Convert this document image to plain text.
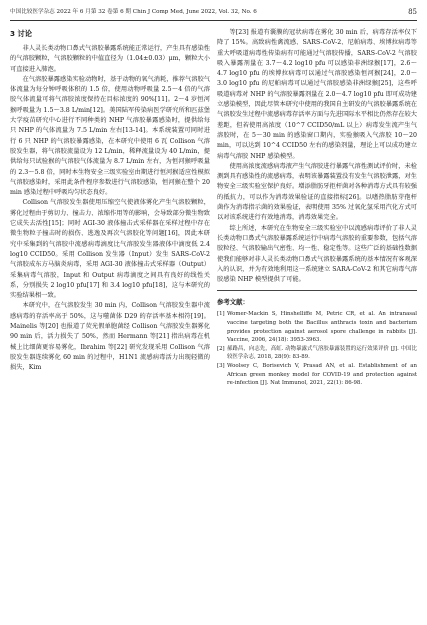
中国比较医学杂志 2022 年 6 月第 32 卷第 6 期 Chin J Comp Med, June 2022, Vol. 32, No. 6	85
3 讨论

非人灵长类动物口鼻式气溶胶暴露系统能正常运行，产生具有感染性的气溶胶颗粒，气溶胶颗粒的中值直径为（1.04±0.03）μm，颗粒大小可直接进入肺泡。

在气溶胶暴露感染实验动物时，基于动物的氧气消耗，推荐气溶胶气体流量为每分钟呼吸体积的 1.5 倍，使用动物呼吸量 2.5～4 倍的气溶胶气体流量可将气溶胶浓度保持在目标浓度的 90%[11]。2～4 岁恒河猴呼吸量为 1.5～3.8 L/min[12]。美国陆军传染病医学研究所和匹兹堡大学疫苗研究中心进行不同种类的 NHP 气溶胶暴露感染时，提供给每只 NHP 的气体流量为 7.5 L/min 左右[13-14]。本系统装置可同时进行 6 只 NHP 的气溶胶暴露感染，在本研究中使用 6 瓦 Collison 气溶胶发生器，将气溶胶流量设为 12 L/min，稀释流量设为 40 L/min，提供给每只试验猴的气溶胶气体流量为 8.7 L/min 左右，为恒河猴呼吸量的 2.3～5.8 倍，同时本生物安全三级实验室由期进行恒河猴适应性模拟气溶胶感染时，采用此条件程序参数进行气溶胶感染，恒河猴在整个 20 min 感染过程中呼吸均匀状态良好。

Collison 气溶胶发生器使用压缩空气使液体雾化产生气溶胶颗粒，雾化过程由于剪切力、撞击力、浓缩作用等的影响，会导致部分微生物致它成失去活性[15]；同时 AGI-30 液体撞击式采样器在采样过程中存在微生物粒子撞击时的损伤、逃逸及再次气溶胶化等问题[16]，因此本研究中采集到的气溶胶中流感病毒滴度比气溶胶发生器液体中滴度低 2.4 log10 CCID50。采用 Collison 发生器（Input）发生 SARS-CoV-2 气溶胶成东方马脑炎病毒，采用 AGI-30 液体撞击式采样器（Output）采集病毒气溶胶，Input 和 Output 病毒滴度之间具有良好的线性关系，分别损失 2 log10 pfu[17] 和 3.4 log10 pfu[18]，这与本研究的实验结果相一致。

本研究中，在气溶胶发生 30 min 内，Collison 气溶胶发生器中流感病毒的存活率高于 50%，这与噬菌体 D29 的存活率基本相符[19]。Mainelis 等[20] 也报道了荧光假单胞菌经 Collison 气溶胶发生器雾化 90 min 后，活力损失了 50%，然而 Hermann 等[21] 指出病毒在机械上比细菌更容易雾化，Ibrahim 等[22] 研究发现采用 Collison 气溶胶发生器连续雾化 60 min 的过程中，H1N1 流感病毒活力出现轻微的损失，Kim

等[23] 报道有囊膜的冠状病毒在雾化 30 min 后，病毒存活率仅下降了 15%。高致病性禽流感、SARS-CoV-2、尼帕病毒、埃博拉病毒等重大呼吸道病毒性传染病有可能通过气溶胶传播，SARS-CoV-2 气溶胶吸入暴露剂量在 3.7～4.2 log10 pfu 可以感染非洲绿猴[17]，2.6～4.7 log10 pfu 的埃博拉病毒可以通过气溶胶感染恒河猴[24]，2.0～3.0 log10 pfu 的尼帕病毒可以通过气溶胶感染非洲绿猴[25]，这些呼吸道病毒对 NHP 的气溶胶暴露剂量在 2.0～4.7 log10 pfu 即可成功建立感染模型，因此尽管本研究中使用的我国自主研发的气溶胶暴露系统在气溶胶发生过程中流感病毒存活率方面与先进国际水平相比仍然存在较大差距，但若使用高浓度（10^7 CCID50/mL 以上）病毒发生流产生气溶胶时，在 5～30 min 的感染窗口期内，实验猴吸入气溶胶 10～20 min，可以达到 10^4 CCID50 左右的感染剂量，理论上可以成功建立病毒气溶胶 NHP 感染模型。

使用高浓度流感病毒液产生气溶胶进行暴露气溶性测试评价时，未检测到具有感染性的流感病毒，表明该暴露装置没有发生气溶胶泄露，对生物安全三级实验室保护良好。增添脂肪牙拒杆菌对各种消毒方式具有较强的抵抗力，可以作为消毒效果验证的直接指标[26]。以嗜热脂肪芽孢杆菌作为消毒指示菌的效果验证，表明使用 35% 过氧化氢采用汽化方式可以对该系统进行有效地消毒，消毒效果完全。

综上所述，本研究在生物安全三级实验室中以流感病毒评价了非人灵长类动物口鼻式气溶胶暴露系统运行中病毒气溶胶的重要参数，包括气溶胶粒径、气溶胶输出气密性、均一性、稳定性等。这些广泛的基础性数据使我们能够对非人灵长类动物口鼻式气溶胶暴露系统的基本情况有客观深入的认识，并为有效地利用这一系统建立 SARA-CoV-2 和其它病毒气溶胶感染 NHP 模型提供了可能。

参考文献：
[1] Womer-Mackin S, Hinshelliffe M, Petric CR, et al. An intranasal vaccine targeting both the Bacillus anthracis toxin and bacterium provides protection against aerosol spore challenge in rabbits [J]. Vaccine, 2006, 24(18): 3953-3963.
[2] 郝路昌，向志先，高虹. 动物暴露式气溶胶暴露装置的运行效果评价 [J]. 中国比较医学杂志, 2018, 28(9): 83-89.
[3] Woolsey C, Borisevich V, Prasad AN, et al. Establishment of an African green monkey model for COVID-19 and protection against re-infection [J]. Nat Immunol, 2021, 22(1): 86-98.
